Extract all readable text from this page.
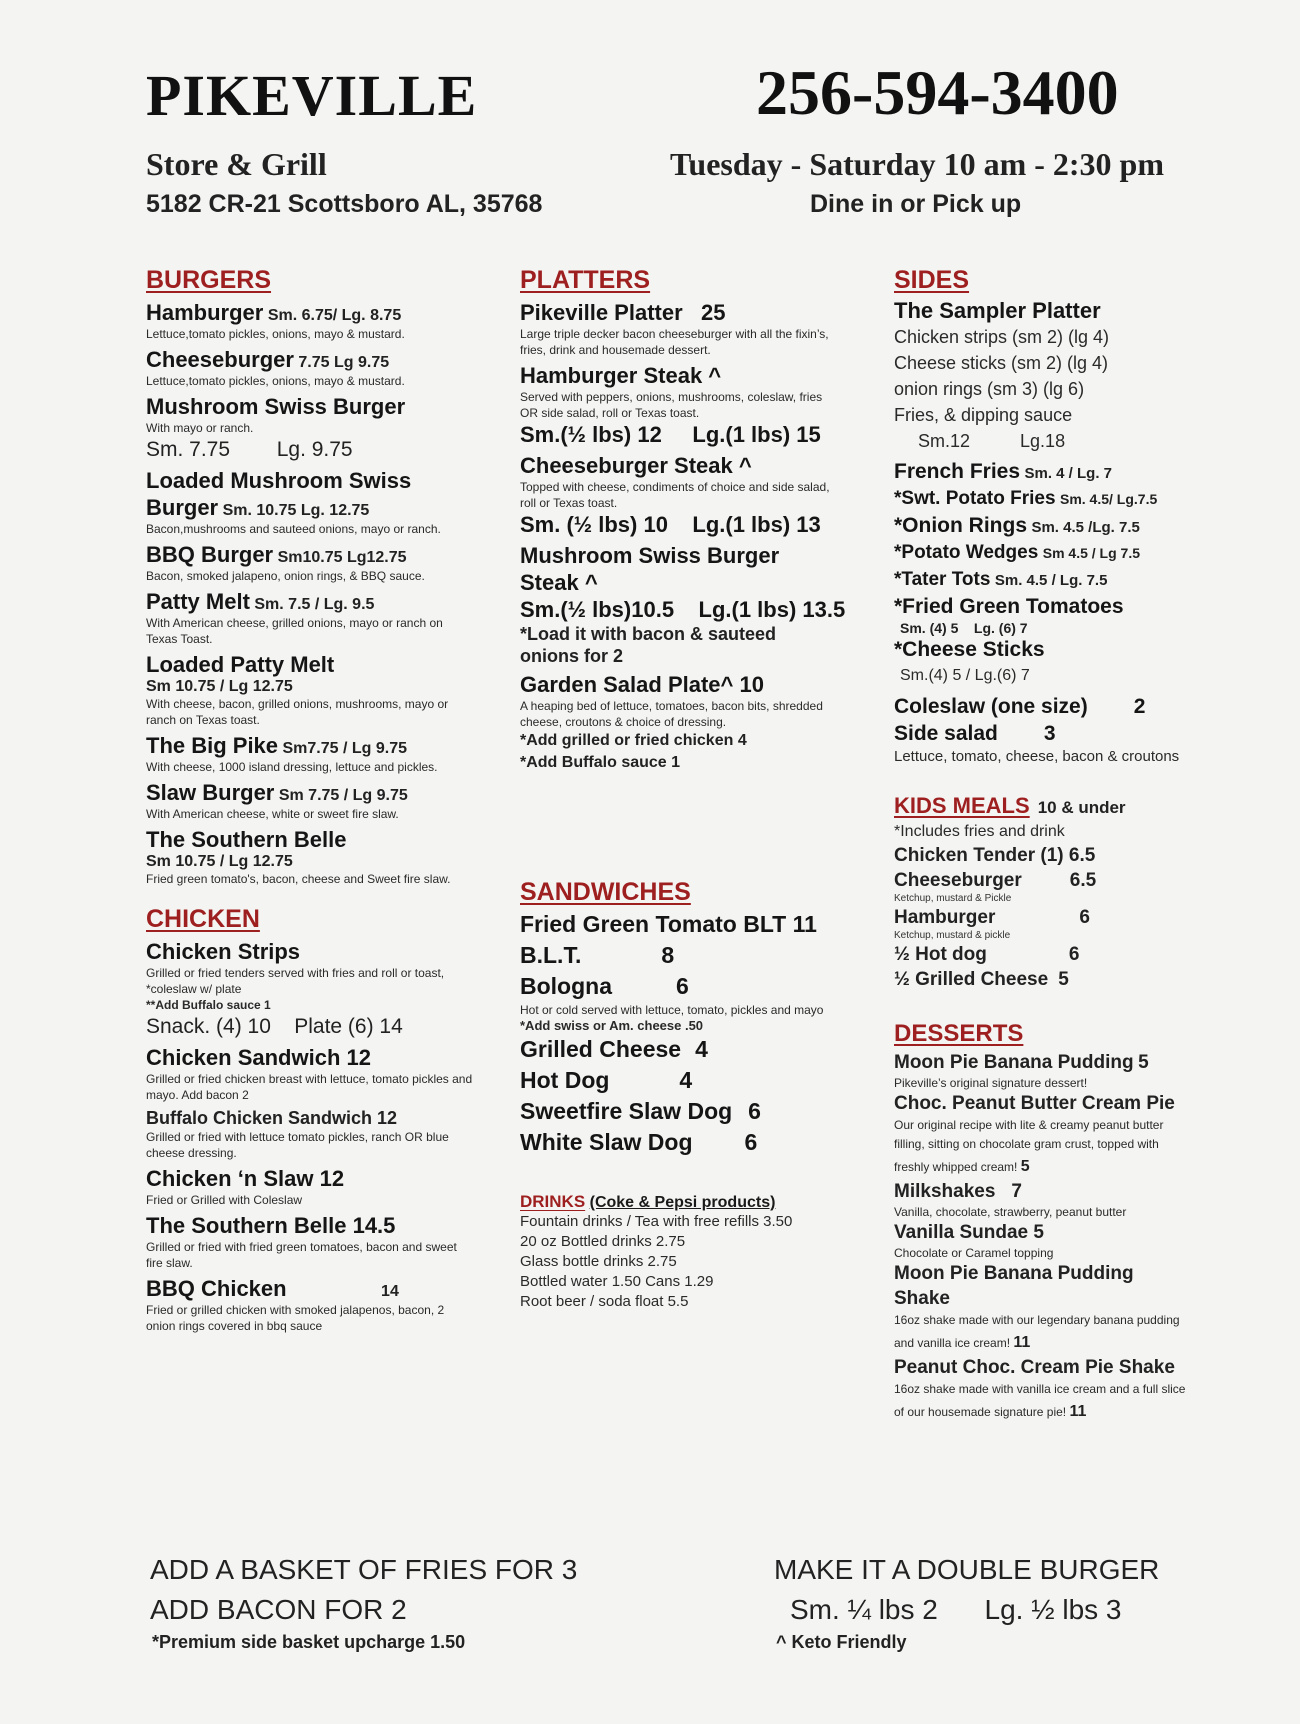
PIKEVILLE
Store & Grill
5182 CR-21 Scottsboro AL, 35768
256-594-3400
Tuesday - Saturday 10 am - 2:30 pm
Dine in or Pick up
BURGERS
Hamburger Sm. 6.75/ Lg. 8.75
Lettuce,tomato pickles, onions, mayo & mustard.
Cheeseburger 7.75 Lg 9.75
Lettuce,tomato pickles, onions, mayo & mustard.
Mushroom Swiss Burger
With mayo or ranch.
Sm. 7.75        Lg. 9.75
Loaded Mushroom Swiss Burger Sm. 10.75 Lg. 12.75
Bacon,mushrooms and sauteed onions, mayo or ranch.
BBQ Burger Sm10.75 Lg12.75
Bacon, smoked jalapeno, onion rings, & BBQ sauce.
Patty Melt Sm. 7.5 / Lg. 9.5
With American cheese, grilled onions, mayo or ranch on Texas Toast.
Loaded Patty Melt
Sm 10.75 / Lg 12.75
With cheese, bacon, grilled onions, mushrooms, mayo or ranch on Texas toast.
The Big Pike Sm7.75 / Lg 9.75
With cheese, 1000 island dressing, lettuce and pickles.
Slaw Burger Sm 7.75 / Lg 9.75
With American cheese, white or sweet fire slaw.
The Southern Belle
Sm 10.75 / Lg 12.75
Fried green tomato's, bacon, cheese and Sweet fire slaw.
CHICKEN
Chicken Strips
Grilled or fried tenders served with fries and roll or toast, *coleslaw w/ plate
**Add Buffalo sauce 1
Snack. (4) 10    Plate (6) 14
Chicken Sandwich 12
Grilled or fried chicken breast with lettuce, tomato pickles and mayo. Add bacon 2
Buffalo Chicken Sandwich 12
Grilled or fried with lettuce tomato pickles, ranch OR blue cheese dressing.
Chicken ‘n Slaw 12
Fried or Grilled with Coleslaw
The Southern Belle 14.5
Grilled or fried with fried green tomatoes, bacon and sweet fire slaw.
BBQ Chicken	14
Fried or grilled chicken with smoked jalapenos, bacon, 2 onion rings covered in bbq sauce
PLATTERS
Pikeville Platter   25
Large triple decker bacon cheeseburger with all the fixin’s, fries, drink and housemade dessert.
Hamburger Steak ^
Served with peppers, onions, mushrooms, coleslaw, fries OR side salad, roll or Texas toast.
Sm.(½ lbs) 12     Lg.(1 lbs) 15
Cheeseburger Steak ^
Topped with cheese, condiments of choice and side salad, roll or Texas toast.
Sm. (½ lbs) 10    Lg.(1 lbs) 13
Mushroom Swiss Burger Steak ^
Sm.(½ lbs)10.5    Lg.(1 lbs) 13.5
*Load it with bacon & sauteed onions for 2
Garden Salad Plate^ 10
A heaping bed of lettuce, tomatoes, bacon bits, shredded cheese, croutons & choice of dressing.
*Add grilled or fried chicken 4
*Add Buffalo sauce 1
SANDWICHES
Fried Green Tomato BLT 11
B.L.T.	8
Bologna	6
Hot or cold served with lettuce, tomato, pickles and mayo
*Add swiss or Am. cheese .50
Grilled Cheese 4
Hot Dog	4
Sweetfire Slaw Dog 6
White Slaw Dog 6
DRINKS (Coke & Pepsi products)
Fountain drinks / Tea with free refills 3.50
20 oz Bottled drinks 2.75
Glass bottle drinks 2.75
Bottled water 1.50 Cans 1.29
Root beer / soda float 5.5
SIDES
The Sampler Platter
Chicken strips (sm 2) (lg 4)
Cheese sticks (sm 2) (lg 4)
onion rings (sm 3) (lg 6)
Fries, & dipping sauce
Sm.12          Lg.18
French Fries Sm. 4 / Lg. 7
*Swt. Potato Fries Sm. 4.5/ Lg.7.5
*Onion Rings Sm. 4.5 /Lg. 7.5
*Potato Wedges Sm 4.5 / Lg 7.5
*Tater Tots Sm. 4.5 / Lg. 7.5
*Fried Green Tomatoes
Sm. (4) 5    Lg. (6) 7
*Cheese Sticks
Sm.(4) 5 / Lg.(6) 7
Coleslaw (one size) 2
Side salad 3
Lettuce, tomato, cheese, bacon & croutons
KIDS MEALS 10 & under
*Includes fries and drink
Chicken Tender (1) 6.5
Cheeseburger	6.5
Ketchup, mustard & Pickle
Hamburger	6
Ketchup, mustard & pickle
½ Hot dog	6
½ Grilled Cheese 5
DESSERTS
Moon Pie Banana Pudding 5
Pikeville’s original signature dessert!
Choc. Peanut Butter Cream Pie
Our original recipe with lite & creamy peanut butter filling, sitting on chocolate gram crust, topped with freshly whipped cream! 5
Milkshakes 7
Vanilla, chocolate, strawberry, peanut butter
Vanilla Sundae 5
Chocolate or Caramel topping
Moon Pie Banana Pudding Shake
16oz shake made with our legendary banana pudding and vanilla ice cream! 11
Peanut Choc. Cream Pie Shake
16oz shake made with vanilla ice cream and a full slice of our housemade signature pie! 11
ADD A BASKET OF FRIES FOR 3
ADD BACON FOR 2
*Premium side basket upcharge 1.50
MAKE IT A DOUBLE BURGER
Sm. ¼ lbs 2      Lg. ½ lbs 3
^ Keto Friendly
